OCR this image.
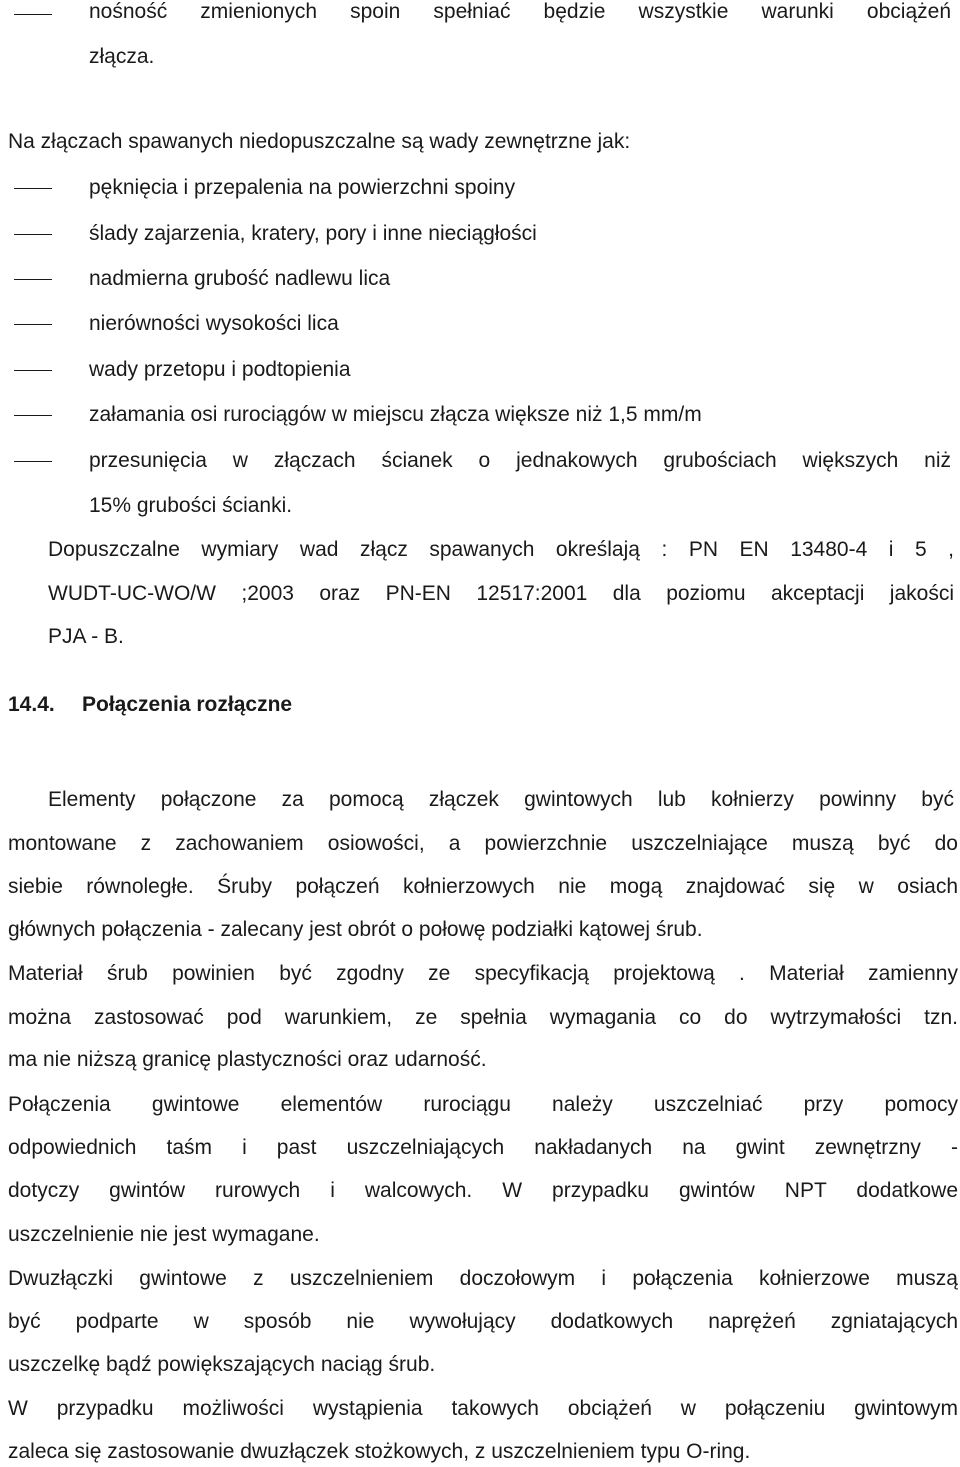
nośność zmienionych spoin spełniać będzie wszystkie warunki obciążeń
złącza.
Na złączach spawanych niedopuszczalne są wady zewnętrzne jak:
pęknięcia i przepalenia na powierzchni spoiny
ślady zajarzenia, kratery, pory i inne nieciągłości
nadmierna grubość nadlewu lica
nierówności wysokości lica
wady przetopu i podtopienia
załamania osi rurociągów w miejscu złącza większe niż 1,5 mm/m
przesunięcia w złączach ścianek o jednakowych grubościach większych niż
15% grubości ścianki.
Dopuszczalne wymiary wad złącz spawanych określają : PN EN 13480-4 i 5 ,
WUDT-UC-WO/W ;2003 oraz PN-EN 12517:2001 dla poziomu akceptacji jakości
PJA - B.
14.4. Połączenia rozłączne
Elementy połączone za pomocą złączek gwintowych lub kołnierzy powinny być
montowane z zachowaniem osiowości, a powierzchnie uszczelniające muszą być do
siebie równoległe. Śruby połączeń kołnierzowych nie mogą znajdować się w osiach
głównych połączenia - zalecany jest obrót o połowę podziałki kątowej śrub.
Materiał śrub powinien być zgodny ze specyfikacją projektową . Materiał zamienny
można zastosować pod warunkiem, ze spełnia wymagania co do wytrzymałości tzn.
ma nie niższą granicę plastyczności oraz udarność.
Połączenia gwintowe elementów rurociągu należy uszczelniać przy pomocy
odpowiednich taśm i past uszczelniających nakładanych na gwint zewnętrzny -
dotyczy gwintów rurowych i walcowych. W przypadku gwintów NPT dodatkowe
uszczelnienie nie jest wymagane.
Dwuzłączki gwintowe z uszczelnieniem doczołowym i połączenia kołnierzowe muszą
być podparte w sposób nie wywołujący dodatkowych naprężeń zgniatających
uszczelkę bądź powiększających naciąg śrub.
W przypadku możliwości wystąpienia takowych obciążeń w połączeniu gwintowym
zaleca się zastosowanie dwuzłączek stożkowych, z uszczelnieniem typu O-ring.
